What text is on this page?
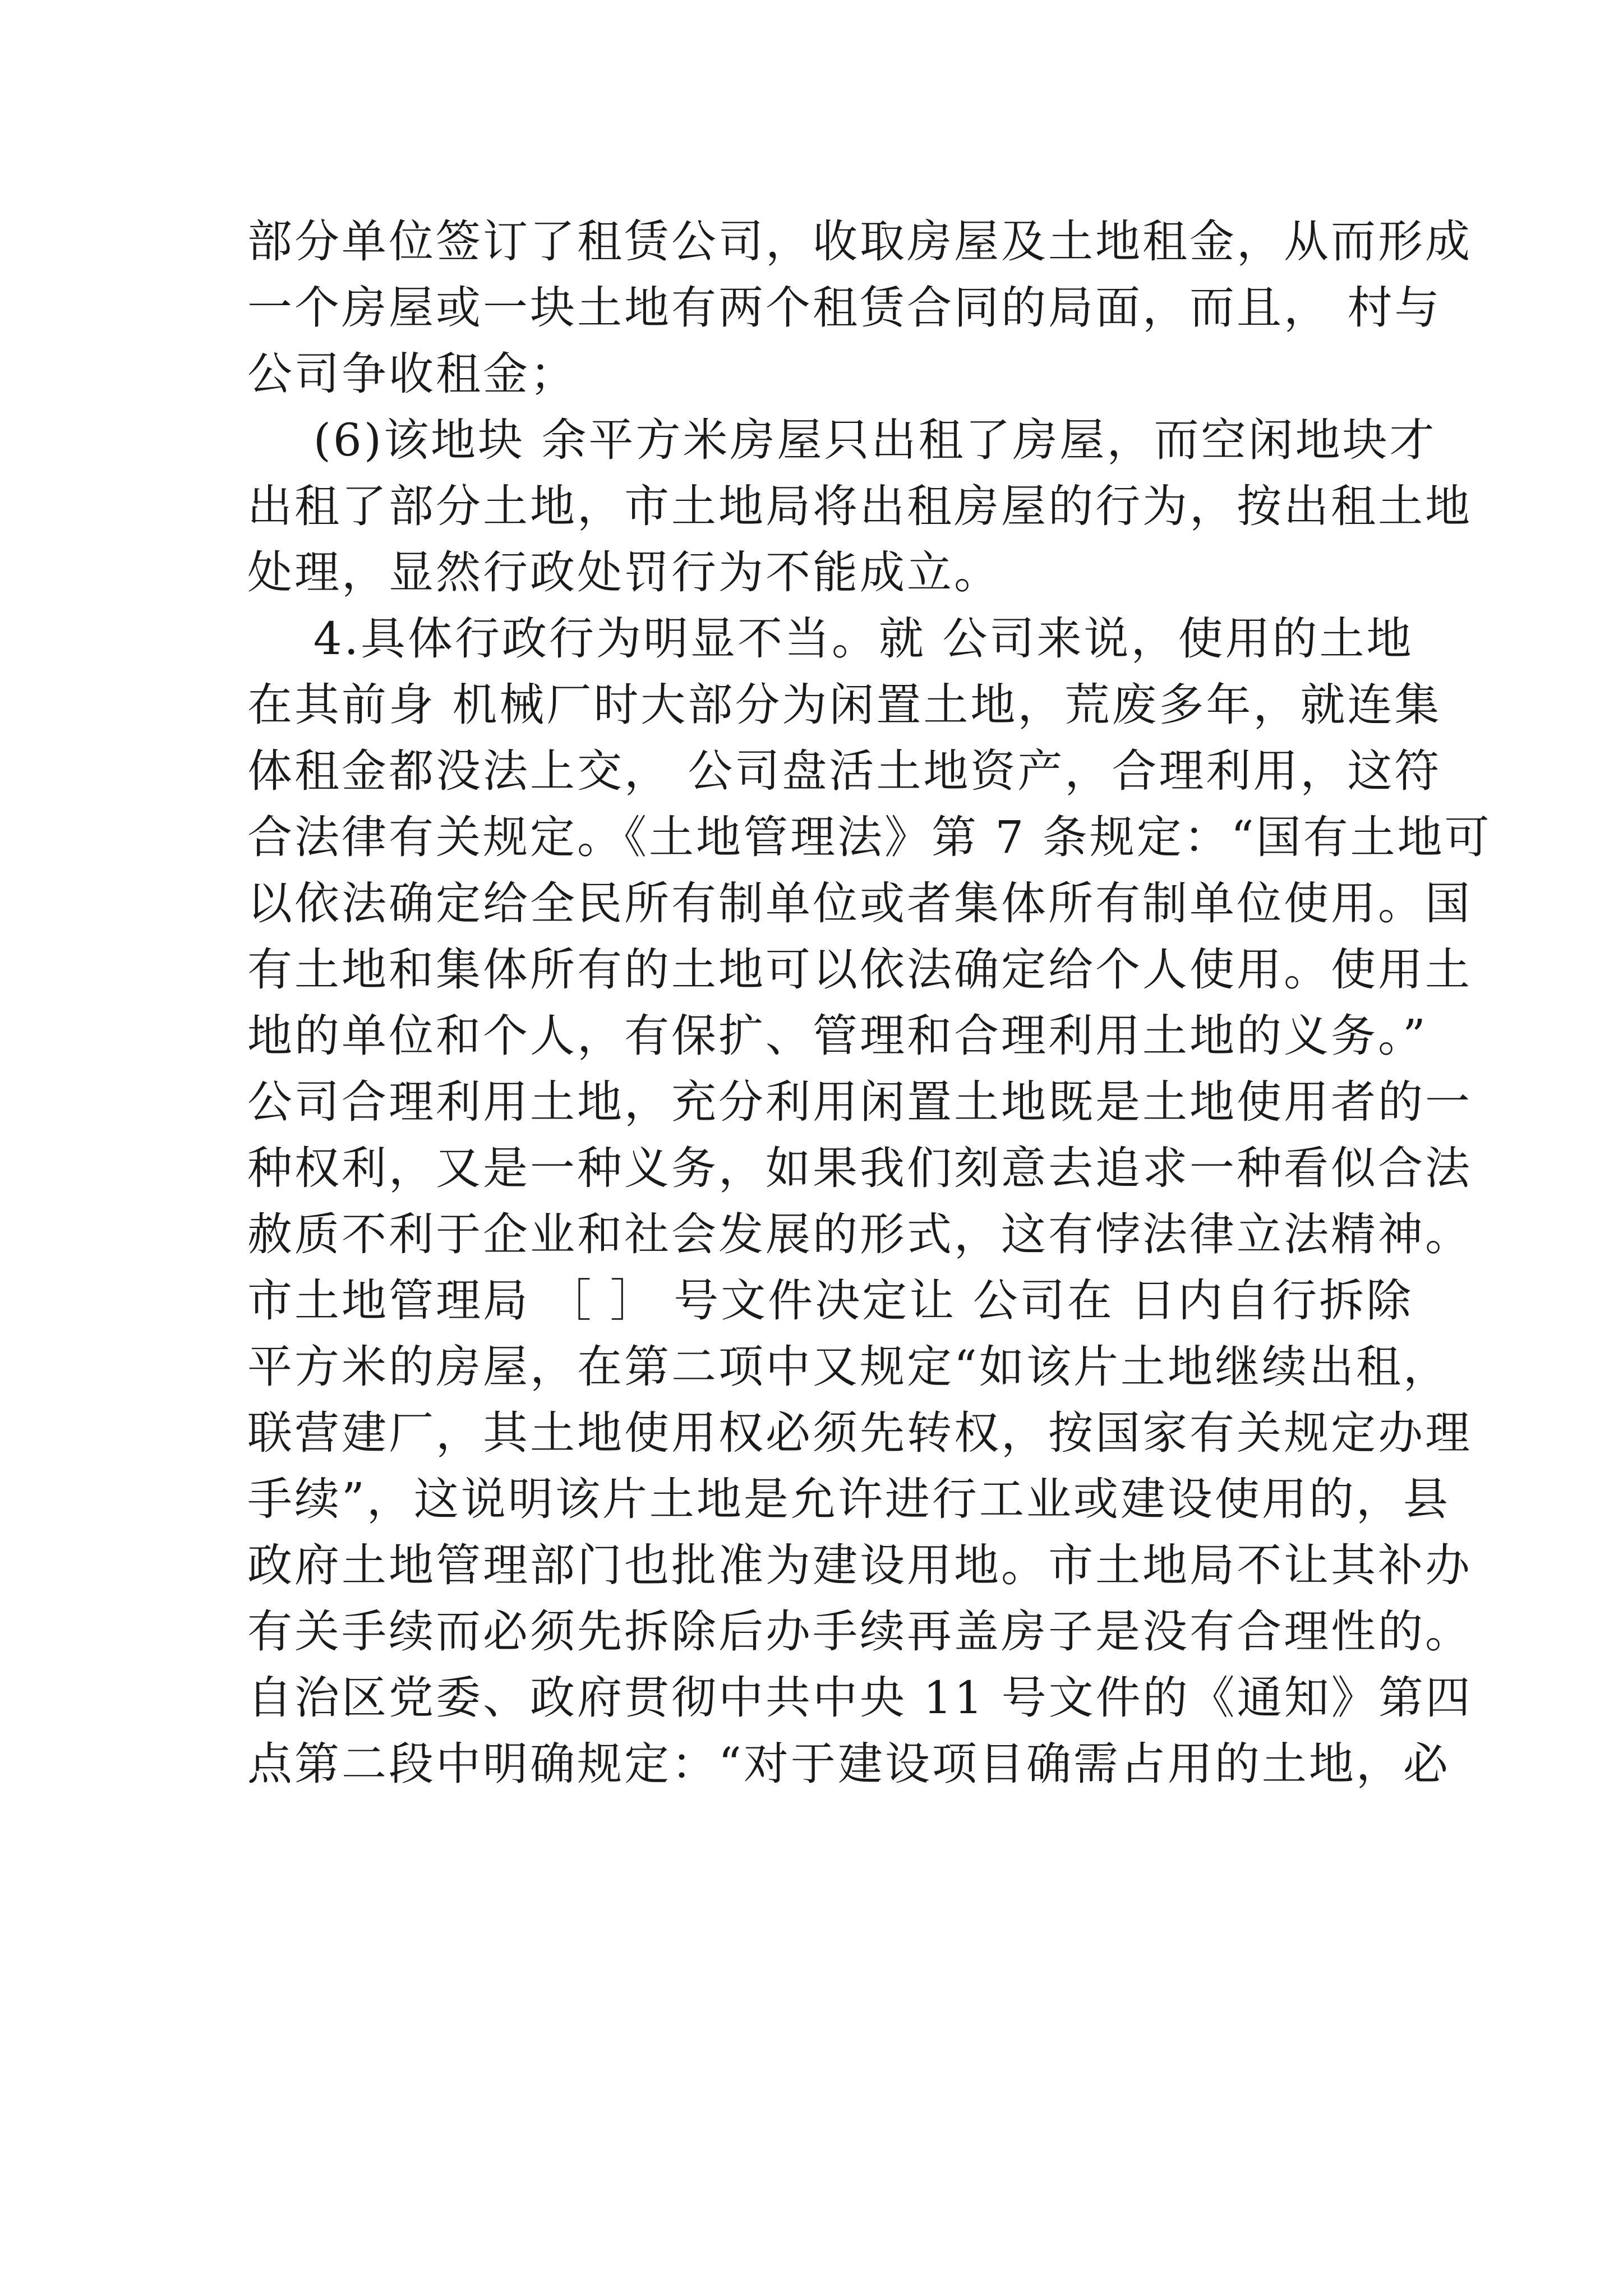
部分单位签订了租赁公司，收取房屋及土地租金，从而形成
一个房屋或一块土地有两个租赁合同的局面，而且， 村与
公司争收租金；
(6)该地块 余平方米房屋只出租了房屋，而空闲地块才
出租了部分土地，市土地局将出租房屋的行为，按出租土地
处理，显然行政处罚行为不能成立。
4.具体行政行为明显不当。就 公司来说，使用的土地
在其前身 机械厂时大部分为闲置土地，荒废多年，就连集
体租金都没法上交， 公司盘活土地资产，合理利用，这符
合法律有关规定。《土地管理法》第 7 条规定：“国有土地可
以依法确定给全民所有制单位或者集体所有制单位使用。国
有土地和集体所有的土地可以依法确定给个人使用。使用土
地的单位和个人，有保扩、管理和合理利用土地的义务。”
公司合理利用土地，充分利用闲置土地既是土地使用者的一
种权利，又是一种义务，如果我们刻意去追求一种看似合法
赦质不利于企业和社会发展的形式，这有悖法律立法精神。
市土地管理局 ［ ］ 号文件决定让 公司在 日内自行拆除
平方米的房屋，在第二项中又规定“如该片土地继续出租，
联营建厂，其土地使用权必须先转权，按国家有关规定办理
手续”，这说明该片土地是允许进行工业或建设使用的，县
政府土地管理部门也批准为建设用地。市土地局不让其补办
有关手续而必须先拆除后办手续再盖房子是没有合理性的。
自治区党委、政府贯彻中共中央 11 号文件的《通知》第四
点第二段中明确规定：“对于建设项目确需占用的土地，必
